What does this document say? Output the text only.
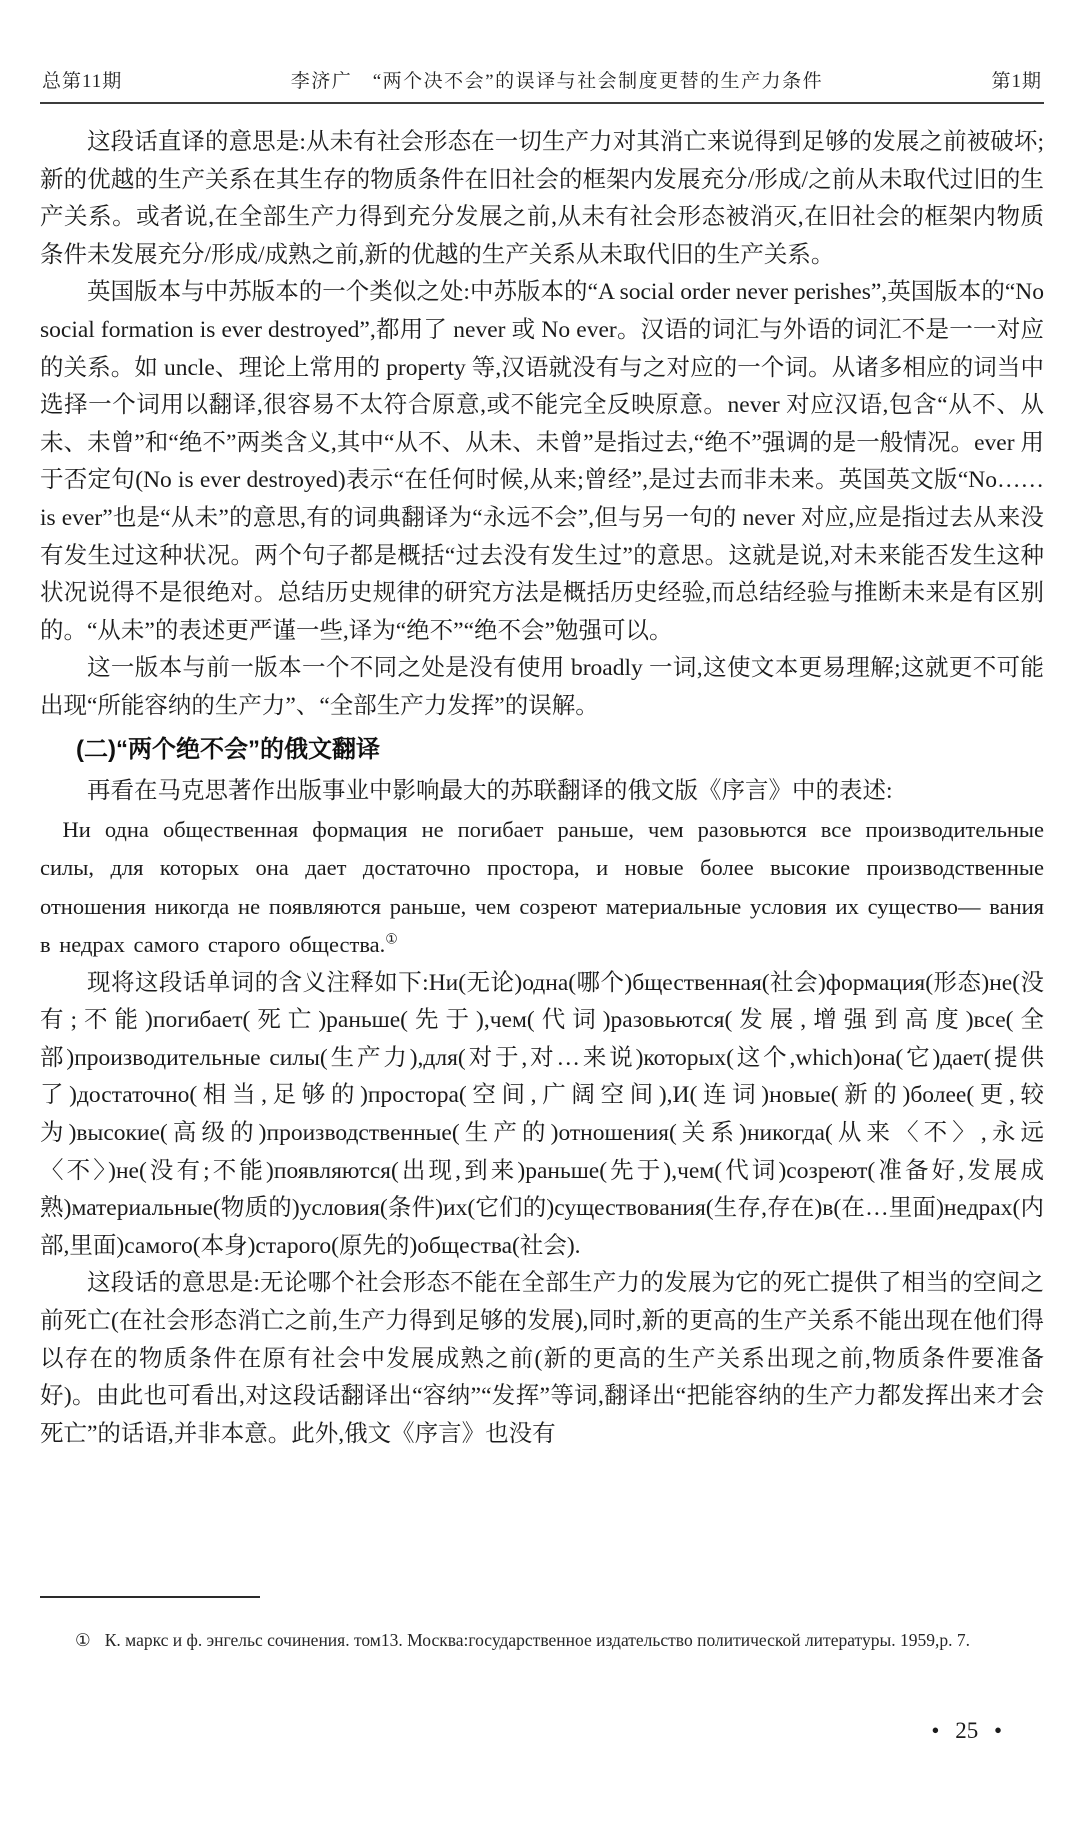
总第11期	李济广　“两个决不会”的误译与社会制度更替的生产力条件	第1期

这段话直译的意思是:从未有社会形态在一切生产力对其消亡来说得到足够的发展之前被破坏;新的优越的生产关系在其生存的物质条件在旧社会的框架内发展充分/形成/之前从未取代过旧的生产关系。或者说,在全部生产力得到充分发展之前,从未有社会形态被消灭,在旧社会的框架内物质条件未发展充分/形成/成熟之前,新的优越的生产关系从未取代旧的生产关系。

英国版本与中苏版本的一个类似之处:中苏版本的“A social order never perishes”,英国版本的“No social formation is ever destroyed”,都用了 never 或 No ever。汉语的词汇与外语的词汇不是一一对应的关系。如 uncle、理论上常用的 property 等,汉语就没有与之对应的一个词。从诸多相应的词当中选择一个词用以翻译,很容易不太符合原意,或不能完全反映原意。never 对应汉语,包含“从不、从未、未曾”和“绝不”两类含义,其中“从不、从未、未曾”是指过去,“绝不”强调的是一般情况。ever 用于否定句(No is ever destroyed)表示“在任何时候,从来;曾经”,是过去而非未来。英国英文版“No……is ever”也是“从未”的意思,有的词典翻译为“永远不会”,但与另一句的 never 对应,应是指过去从来没有发生过这种状况。两个句子都是概括“过去没有发生过”的意思。这就是说,对未来能否发生这种状况说得不是很绝对。总结历史规律的研究方法是概括历史经验,而总结经验与推断未来是有区别的。“从未”的表述更严谨一些,译为“绝不”“绝不会”勉强可以。

这一版本与前一版本一个不同之处是没有使用 broadly 一词,这使文本更易理解;这就更不可能出现“所能容纳的生产力”、“全部生产力发挥”的误解。

(二)“两个绝不会”的俄文翻译

再看在马克思著作出版事业中影响最大的苏联翻译的俄文版《序言》中的表述:

Ни одна общественная формация не погибает раньше, чем разовьются все производительные силы, для которых она дает достаточно простора, и новые более высокие производственные отношения никогда не появляются раньше, чем созреют материальные условия их существо— вания в недрах самого старого общества.①

现将这段话单词的含义注释如下:Ни(无论)одна(哪个)бщественная(社会)формация(形态)не(没有;不能)погибает(死亡)раньше(先于),чем(代词)разовьются(发展,增强到高度)все(全部)производительные силы(生产力),для(对于,对…来说)которых(这个,which)она(它)дает(提供了)достаточно(相当,足够的)простора(空间,广阔空间),И(连词)новые(新的)более(更,较为)высокие(高级的)производственные(生产的)отношения(关系)никогда(从来〈不〉,永远〈不〉)не(没有;不能)появляются(出现,到来)раньше(先于),чем(代词)созреют(准备好,发展成熟)материальные(物质的)условия(条件)их(它们的)существования(生存,存在)в(在…里面)недрах(内部,里面)самого(本身)старого(原先的)общества(社会).

这段话的意思是:无论哪个社会形态不能在全部生产力的发展为它的死亡提供了相当的空间之前死亡(在社会形态消亡之前,生产力得到足够的发展),同时,新的更高的生产关系不能出现在他们得以存在的物质条件在原有社会中发展成熟之前(新的更高的生产关系出现之前,物质条件要准备好)。由此也可看出,对这段话翻译出“容纳”“发挥”等词,翻译出“把能容纳的生产力都发挥出来才会死亡”的话语,并非本意。此外,俄文《序言》也没有

① К. маркс и ф. энгельс сочинения. том13. Москва:государственное издательство политической литературы. 1959,p. 7.

• 25 •
